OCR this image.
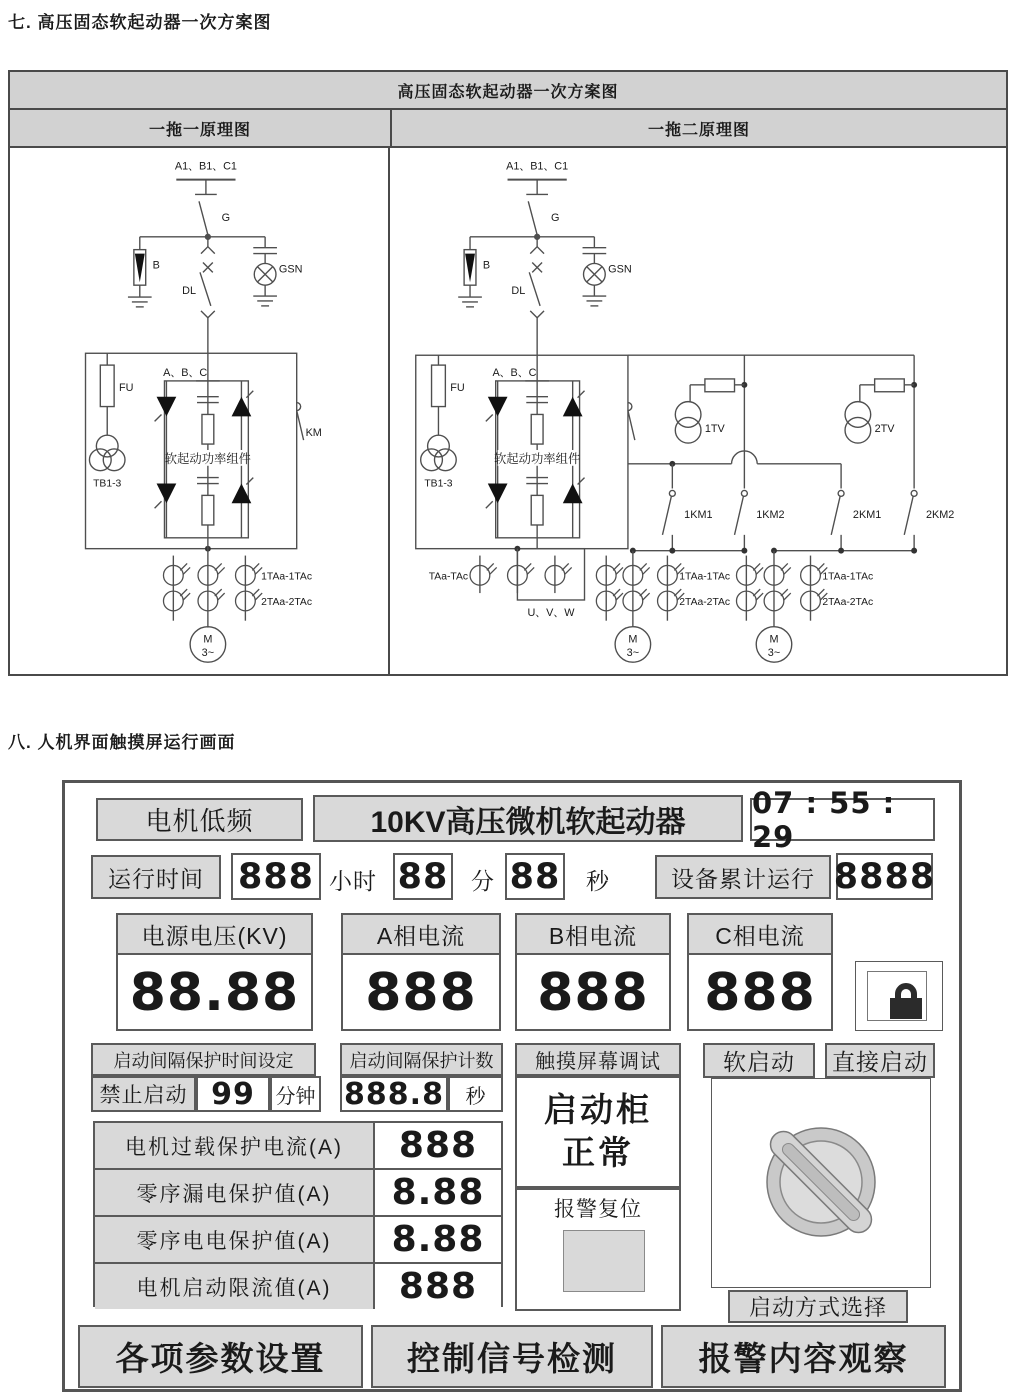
七. 高压固态软起动器一次方案图
高压固态软起动器一次方案图
一拖一原理图	一拖二原理图
A1、B1、C1
G
B
DL
GSN
FU
A、B、C
TB1-3
软起动功率组件
KM
1TAa-1TAc
2TAa-2TAc
M
3~
A1、B1、C1
G
B
DL
GSN
FU
A、B、C
TB1-3
软起动功率组件
1TV	2TV
1KM1	1KM2	2KM1	2KM2
TAa-TAc
U、V、W
1TAa-1TAc
2TAa-2TAc
1TAa-1TAc
2TAa-2TAc
M
3~
M
3~
八. 人机界面触摸屏运行画面
电机低频	10KV高压微机软起动器
07 : 55 : 29
运行时间 888 小时 88 分 88 秒	设备累计运行 8888
电源电压(KV)
88.88
A相电流
888
B相电流
888
C相电流
888
启动间隔保护时间设定
禁止启动 99	分钟
启动间隔保护计数
888.8	秒
触摸屏幕调试
启动柜
正常
报警复位
软启动	直接启动
启动方式选择
电机过载保护电流(A)	888
零序漏电保护值(A)	8.88
零序电电保护值(A)	8.88
电机启动限流值(A)	888
各项参数设置	控制信号检测	报警内容观察
